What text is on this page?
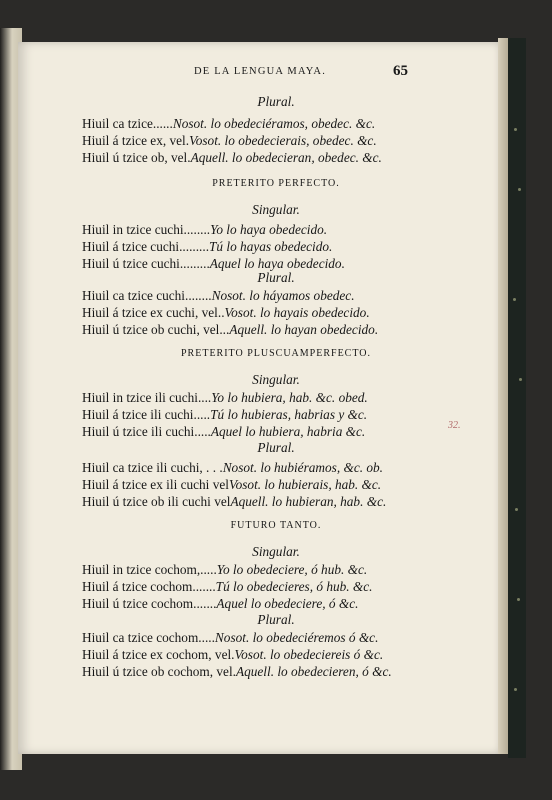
DE LA LENGUA MAYA.	65
Plural.
Hiuil ca tzice......Nosot. lo obedeciéramos, obedec. &c.
Hiuil á tzice ex, vel.Vosot. lo obedecierais, obedec. &c.
Hiuil ú tzice ob, vel.Aquell. lo obedecieran, obedec. &c.
PRETERITO PERFECTO.
Singular.
Hiuil in tzice cuchi........Yo lo haya obedecido.
Hiuil á tzice cuchi.........Tú lo hayas obedecido.
Hiuil ú tzice cuchi.........Aquel lo haya obedecido.
Plural.
Hiuil ca tzice cuchi........Nosot. lo háyamos obedec.
Hiuil á tzice ex cuchi, vel..Vosot. lo hayais obedecido.
Hiuil ú tzice ob cuchi, vel...Aquell. lo hayan obedecido.
PRETERITO PLUSCUAMPERFECTO.
Singular.
Hiuil in tzice ili cuchi....Yo lo hubiera, hab. &c. obed.
Hiuil á tzice ili cuchi.....Tú lo hubieras, habrias y &c.
Hiuil ú tzice ili cuchi.....Aquel lo hubiera, habria &c.
Plural.
Hiuil ca tzice ili cuchi, . . .Nosot. lo hubiéramos, &c. ob.
Hiuil á tzice ex ili cuchi velVosot. lo hubierais, hab. &c.
Hiuil ú tzice ob ili cuchi velAquell. lo hubieran, hab. &c.
FUTURO TANTO.
Singular.
Hiuil in tzice cochom,.....Yo lo obedeciere, ó hub. &c.
Hiuil á tzice cochom.......Tú lo obedecieres, ó hub. &c.
Hiuil ú tzice cochom.......Aquel lo obedeciere, ó &c.
Plural.
Hiuil ca tzice cochom.....Nosot. lo obedeciéremos ó &c.
Hiuil á tzice ex cochom, vel.Vosot. lo obedeciereis ó &c.
Hiuil ú tzice ob cochom, vel.Aquell. lo obedecieren, ó &c.
32.
